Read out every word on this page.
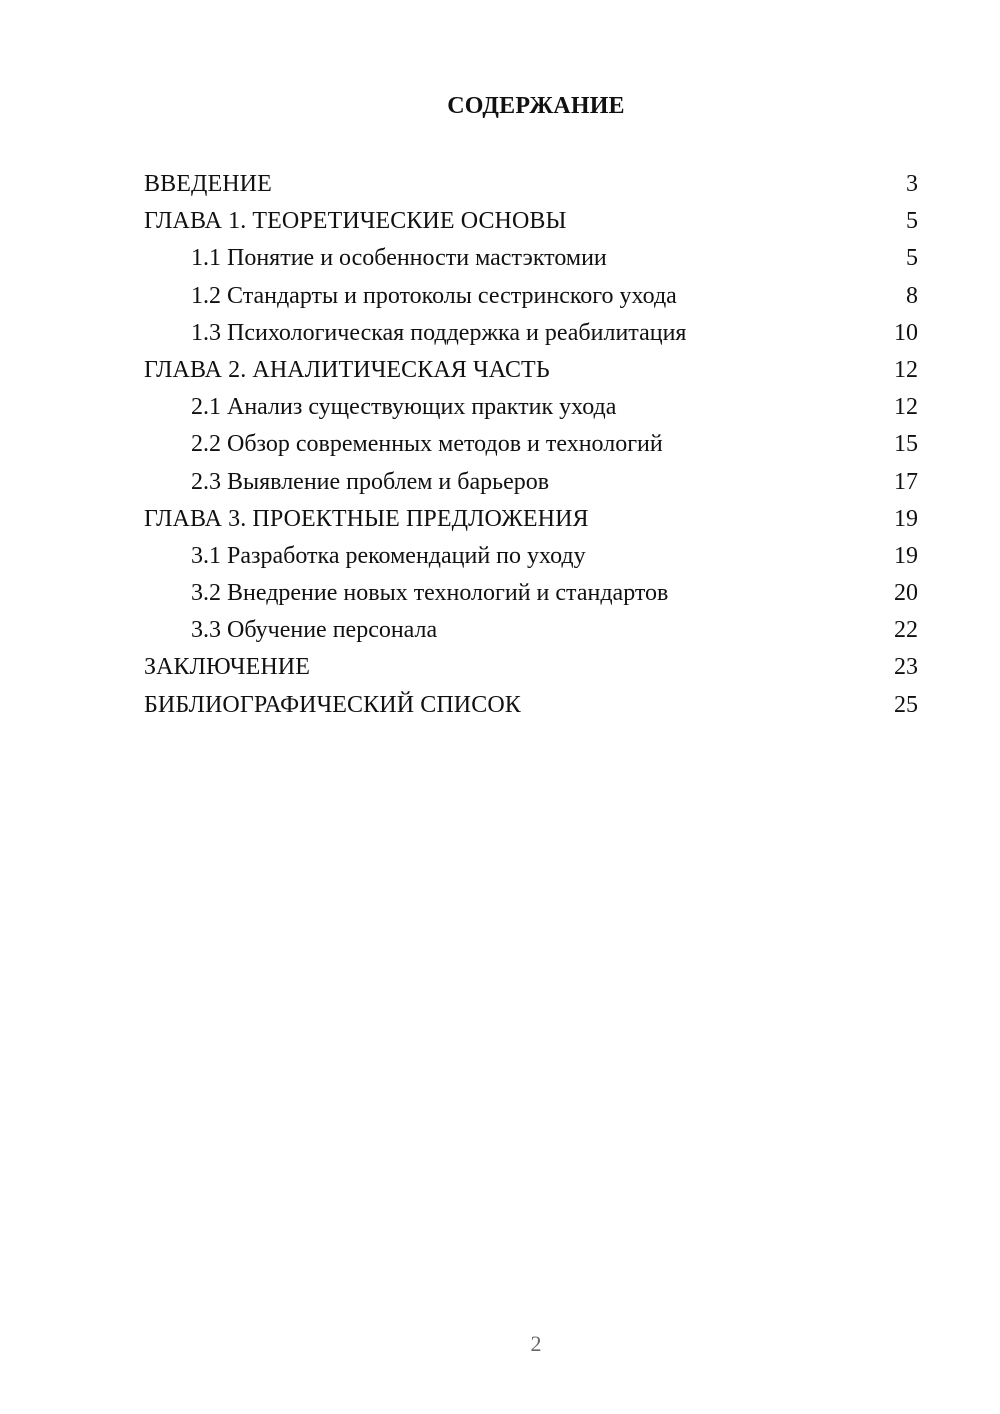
СОДЕРЖАНИЕ
ВВЕДЕНИЕ	3
ГЛАВА 1. ТЕОРЕТИЧЕСКИЕ ОСНОВЫ	5
1.1 Понятие и особенности мастэктомии	5
1.2 Стандарты и протоколы сестринского ухода	8
1.3 Психологическая поддержка и реабилитация	10
ГЛАВА 2. АНАЛИТИЧЕСКАЯ ЧАСТЬ	12
2.1 Анализ существующих практик ухода	12
2.2 Обзор современных методов и технологий	15
2.3 Выявление проблем и барьеров	17
ГЛАВА 3. ПРОЕКТНЫЕ ПРЕДЛОЖЕНИЯ	19
3.1 Разработка рекомендаций по уходу	19
3.2 Внедрение новых технологий и стандартов	20
3.3 Обучение персонала	22
ЗАКЛЮЧЕНИЕ	23
БИБЛИОГРАФИЧЕСКИЙ СПИСОК	25
2
